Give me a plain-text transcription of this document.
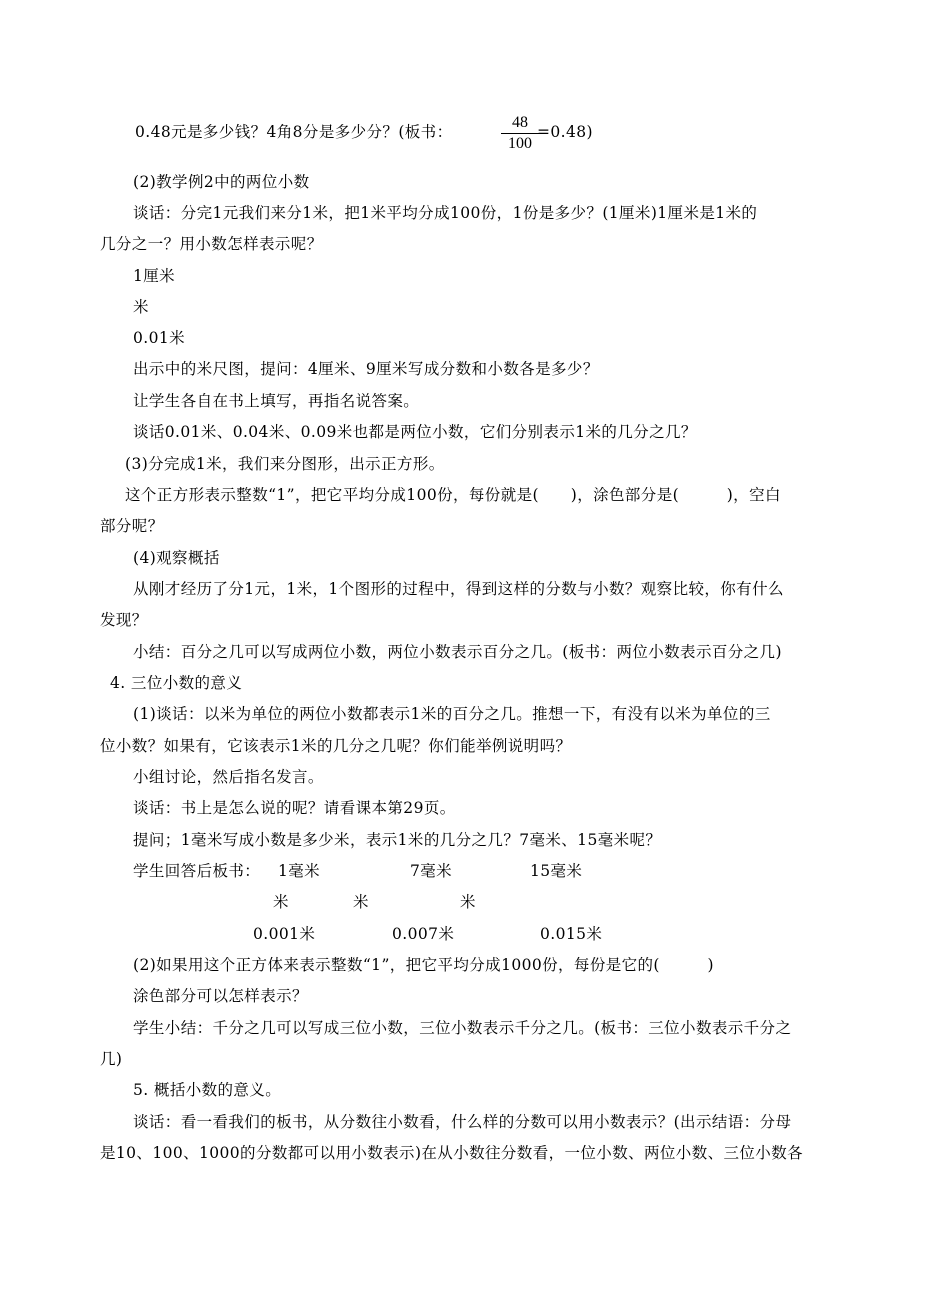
0.48元是多少钱？4角8分是多少分？(板书：
48
100
=0.48)
(2)教学例2中的两位小数
谈话：分完1元我们来分1米，把1米平均分成100份，1份是多少？(1厘米)1厘米是1米的
几分之一？用小数怎样表示呢？
1厘米
米
0.01米
出示中的米尺图，提问：4厘米、9厘米写成分数和小数各是多少？
让学生各自在书上填写，再指名说答案。
谈话0.01米、0.04米、0.09米也都是两位小数，它们分别表示1米的几分之几？
(3)分完成1米，我们来分图形，出示正方形。
这个正方形表示整数“1”，把它平均分成100份，每份就是(　　)，涂色部分是(　　　)，空白
部分呢？
(4)观察概括
从刚才经历了分1元，1米，1个图形的过程中，得到这样的分数与小数？观察比较，你有什么
发现？
小结：百分之几可以写成两位小数，两位小数表示百分之几。(板书：两位小数表示百分之几)
4. 三位小数的意义
(1)谈话：以米为单位的两位小数都表示1米的百分之几。推想一下，有没有以米为单位的三
位小数？如果有，它该表示1米的几分之几呢？你们能举例说明吗？
小组讨论，然后指名发言。
谈话：书上是怎么说的呢？请看课本第29页。
提问；1毫米写成小数是多少米，表示1米的几分之几？7毫米、15毫米呢？
学生回答后板书： 1毫米	7毫米	15毫米
米	米	米
0.001米	0.007米	0.015米
(2)如果用这个正方体来表示整数“1”，把它平均分成1000份，每份是它的(　　　)
涂色部分可以怎样表示？
学生小结：千分之几可以写成三位小数，三位小数表示千分之几。(板书：三位小数表示千分之
几)
5. 概括小数的意义。
谈话：看一看我们的板书，从分数往小数看，什么样的分数可以用小数表示？(出示结语：分母
是10、100、1000的分数都可以用小数表示)在从小数往分数看，一位小数、两位小数、三位小数各
